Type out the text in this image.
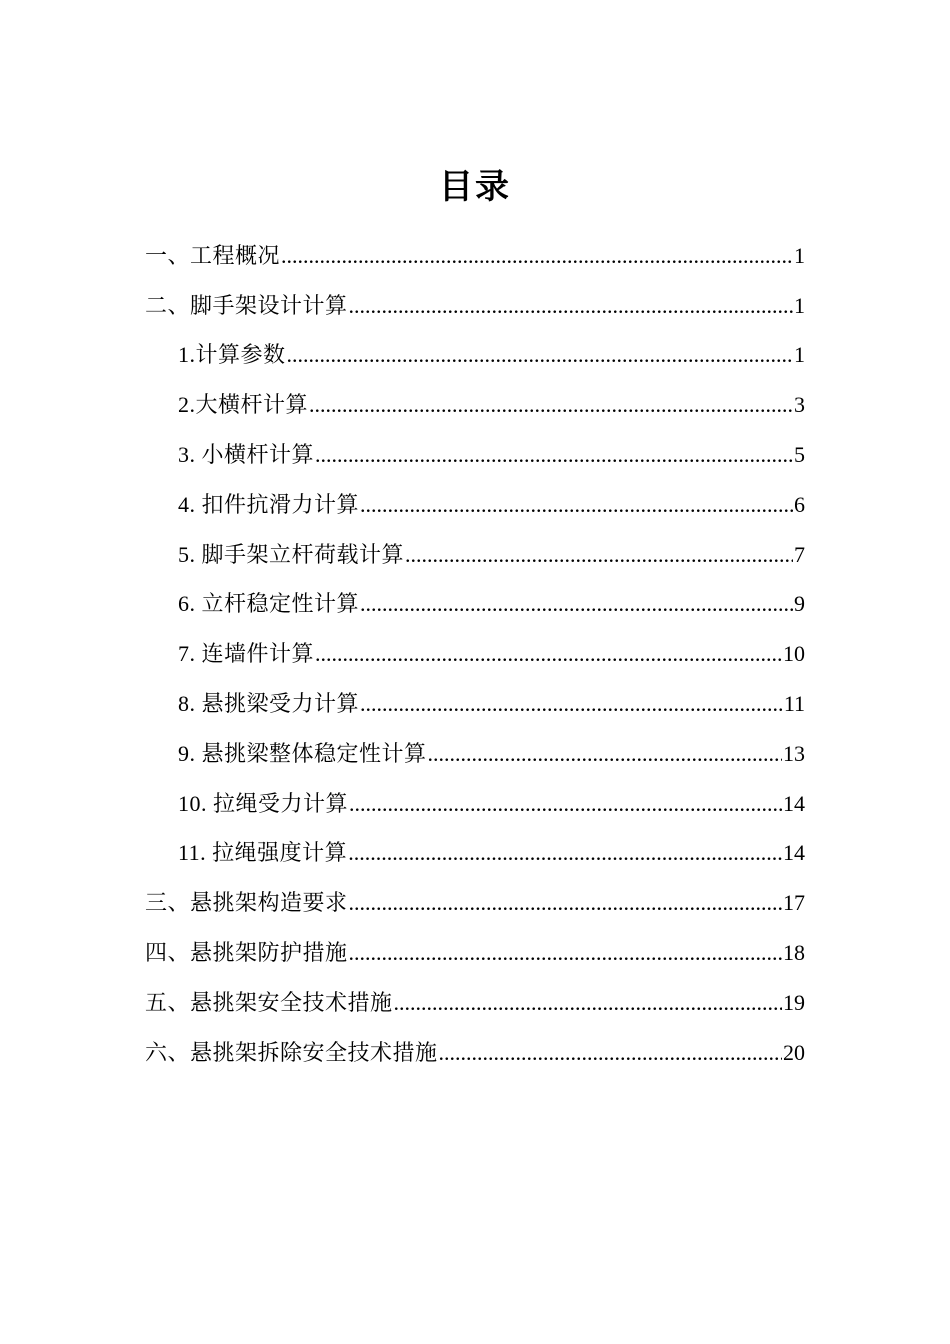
目录
一、工程概况 .....	1
二、脚手架设计计算 .....	1
1.计算参数 .....	1
2.大横杆计算 .....	3
3. 小横杆计算 .....	5
4. 扣件抗滑力计算 .....	6
5. 脚手架立杆荷载计算 .....	7
6. 立杆稳定性计算 .....	9
7. 连墙件计算 .....	10
8. 悬挑梁受力计算 .....	11
9. 悬挑梁整体稳定性计算 .....	13
10. 拉绳受力计算 .....	14
11. 拉绳强度计算 .....	14
三、悬挑架构造要求 .....	17
四、悬挑架防护措施 .....	18
五、悬挑架安全技术措施 .....	19
六、悬挑架拆除安全技术措施 .....	20
